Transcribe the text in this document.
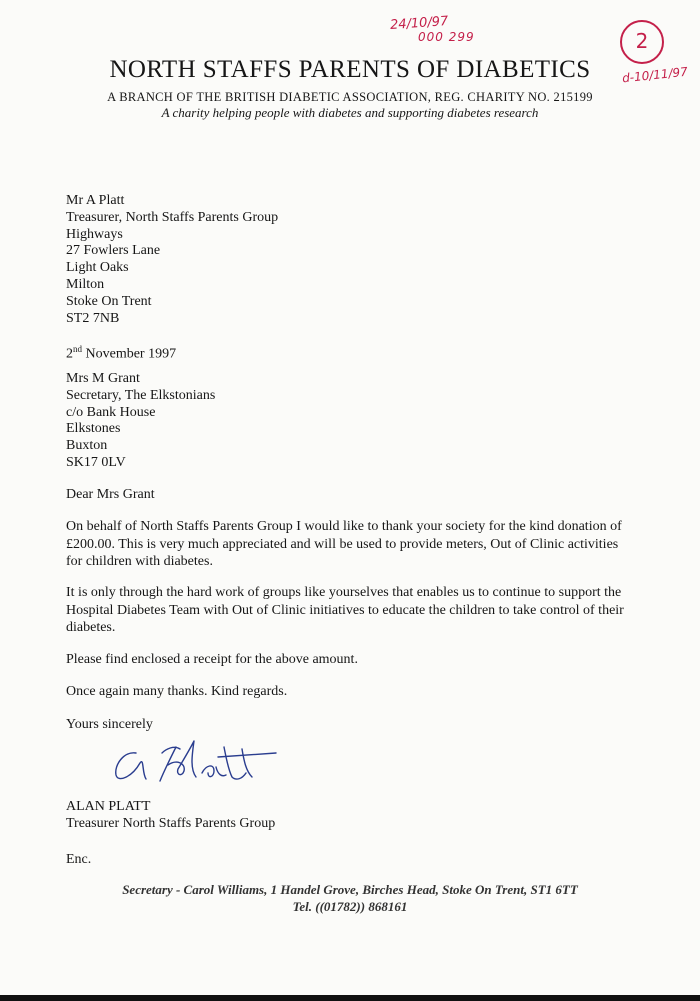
24/10/97
000 299	2
d-10/11/97
NORTH STAFFS PARENTS OF DIABETICS
A BRANCH OF THE BRITISH DIABETIC ASSOCIATION, REG. CHARITY NO. 215199
A charity helping people with diabetes and supporting diabetes research
Mr A Platt
Treasurer, North Staffs Parents Group
Highways
27 Fowlers Lane
Light Oaks
Milton
Stoke On Trent
ST2 7NB
2nd November 1997
Mrs M Grant
Secretary, The Elkstonians
c/o Bank House
Elkstones
Buxton
SK17 0LV
Dear Mrs Grant
On behalf of North Staffs Parents Group I would like to thank your society for the kind donation of
£200.00. This is very much appreciated and will be used to provide meters, Out of Clinic activities
for children with diabetes.
It is only through the hard work of groups like yourselves that enables us to continue to support the
Hospital Diabetes Team with Out of Clinic initiatives to educate the children to take control of their
diabetes.
Please find enclosed a receipt for the above amount.
Once again many thanks. Kind regards.
Yours sincerely
ALAN PLATT
Treasurer North Staffs Parents Group
Enc.
Secretary - Carol Williams, 1 Handel Grove, Birches Head, Stoke On Trent, ST1 6TT
Tel. ((01782)) 868161
